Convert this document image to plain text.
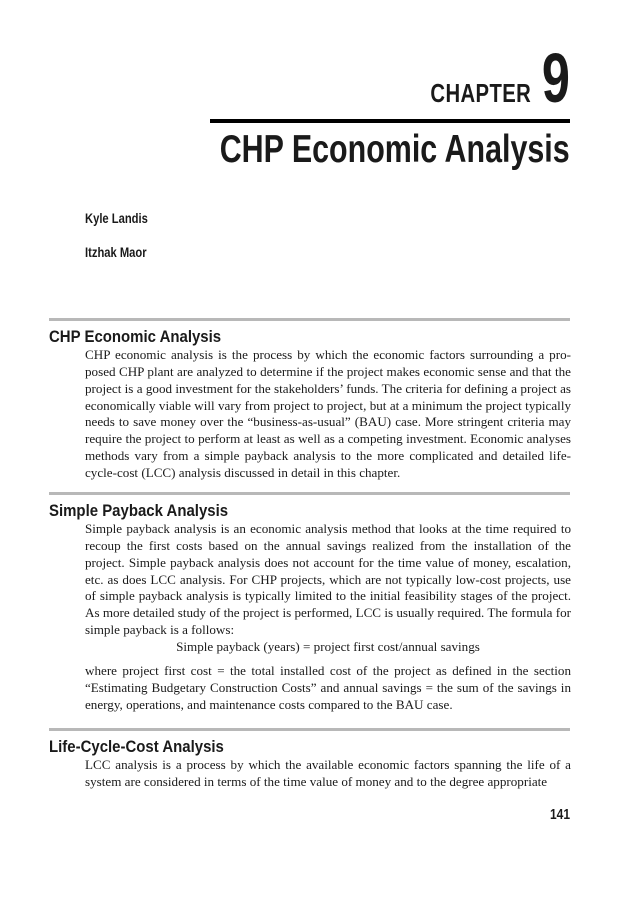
CHAPTER 9
CHP Economic Analysis
Kyle Landis
Itzhak Maor
CHP Economic Analysis

CHP economic analysis is the process by which the economic factors surrounding a proposed CHP plant are analyzed to determine if the project makes economic sense and that the project is a good investment for the stakeholders’ funds. The criteria for defining a project as economically viable will vary from project to project, but at a minimum the project typically needs to save money over the “business-as-usual” (BAU) case. More stringent criteria may require the project to perform at least as well as a competing investment. Economic analyses methods vary from a simple payback analysis to the more complicated and detailed life-cycle-cost (LCC) analysis discussed in detail in this chapter.

Simple Payback Analysis

Simple payback analysis is an economic analysis method that looks at the time required to recoup the first costs based on the annual savings realized from the installation of the project. Simple payback analysis does not account for the time value of money, escalation, etc. as does LCC analysis. For CHP projects, which are not typically low-cost projects, use of simple payback analysis is typically limited to the initial feasibility stages of the project. As more detailed study of the project is performed, LCC is usually required. The formula for simple payback is a follows:

Simple payback (years) = project first cost/annual savings

where project first cost = the total installed cost of the project as defined in the section “Estimating Budgetary Construction Costs” and annual savings = the sum of the savings in energy, operations, and maintenance costs compared to the BAU case.

Life-Cycle-Cost Analysis

LCC analysis is a process by which the available economic factors spanning the life of a system are considered in terms of the time value of money and to the degree appropriate

141
